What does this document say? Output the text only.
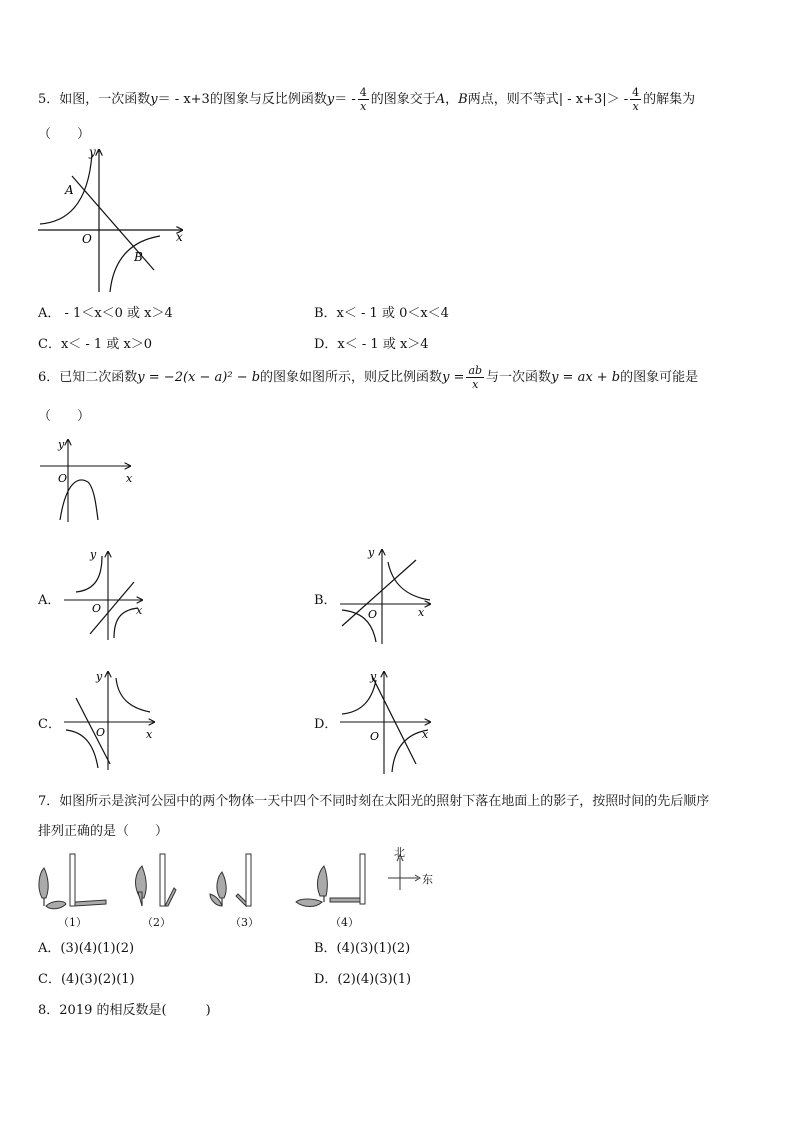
5．如图，一次函数y＝ - x+3的图象与反比例函数$y= - \frac{4}{x}$ 的图象交于A，B两点，则不等式| - $x+3|> - \frac{4}{x}$ 的解集为
（　　）
y
x
O
A
B
A． - 1＜x＜0 或 x＞4	B．x＜ - 1 或 0＜x＜4
C．x＜ - 1 或 x＞0	D．x＜ - 1 或 x＞4
6．已知二次函数y = −2(x − a)² − b的图象如图所示，则反比例函数$y = \frac{ab}{x}$ 与一次函数y = ax + b的图象可能是
（　　）
y
x
O
A．
y
x
O
B．
y
x
O
C．
y
x
O
D．
y
x
O
7．如图所示是滨河公园中的两个物体一天中四个不同时刻在太阳光的照射下落在地面上的影子，按照时间的先后顺序
排列正确的是（　　）
北
东
（1）	（2）	（3）	（4）
A．(3)(4)(1)(2)	B．(4)(3)(1)(2)
C．(4)(3)(2)(1)	D．(2)(4)(3)(1)
8．2019 的相反数是(　　　)
